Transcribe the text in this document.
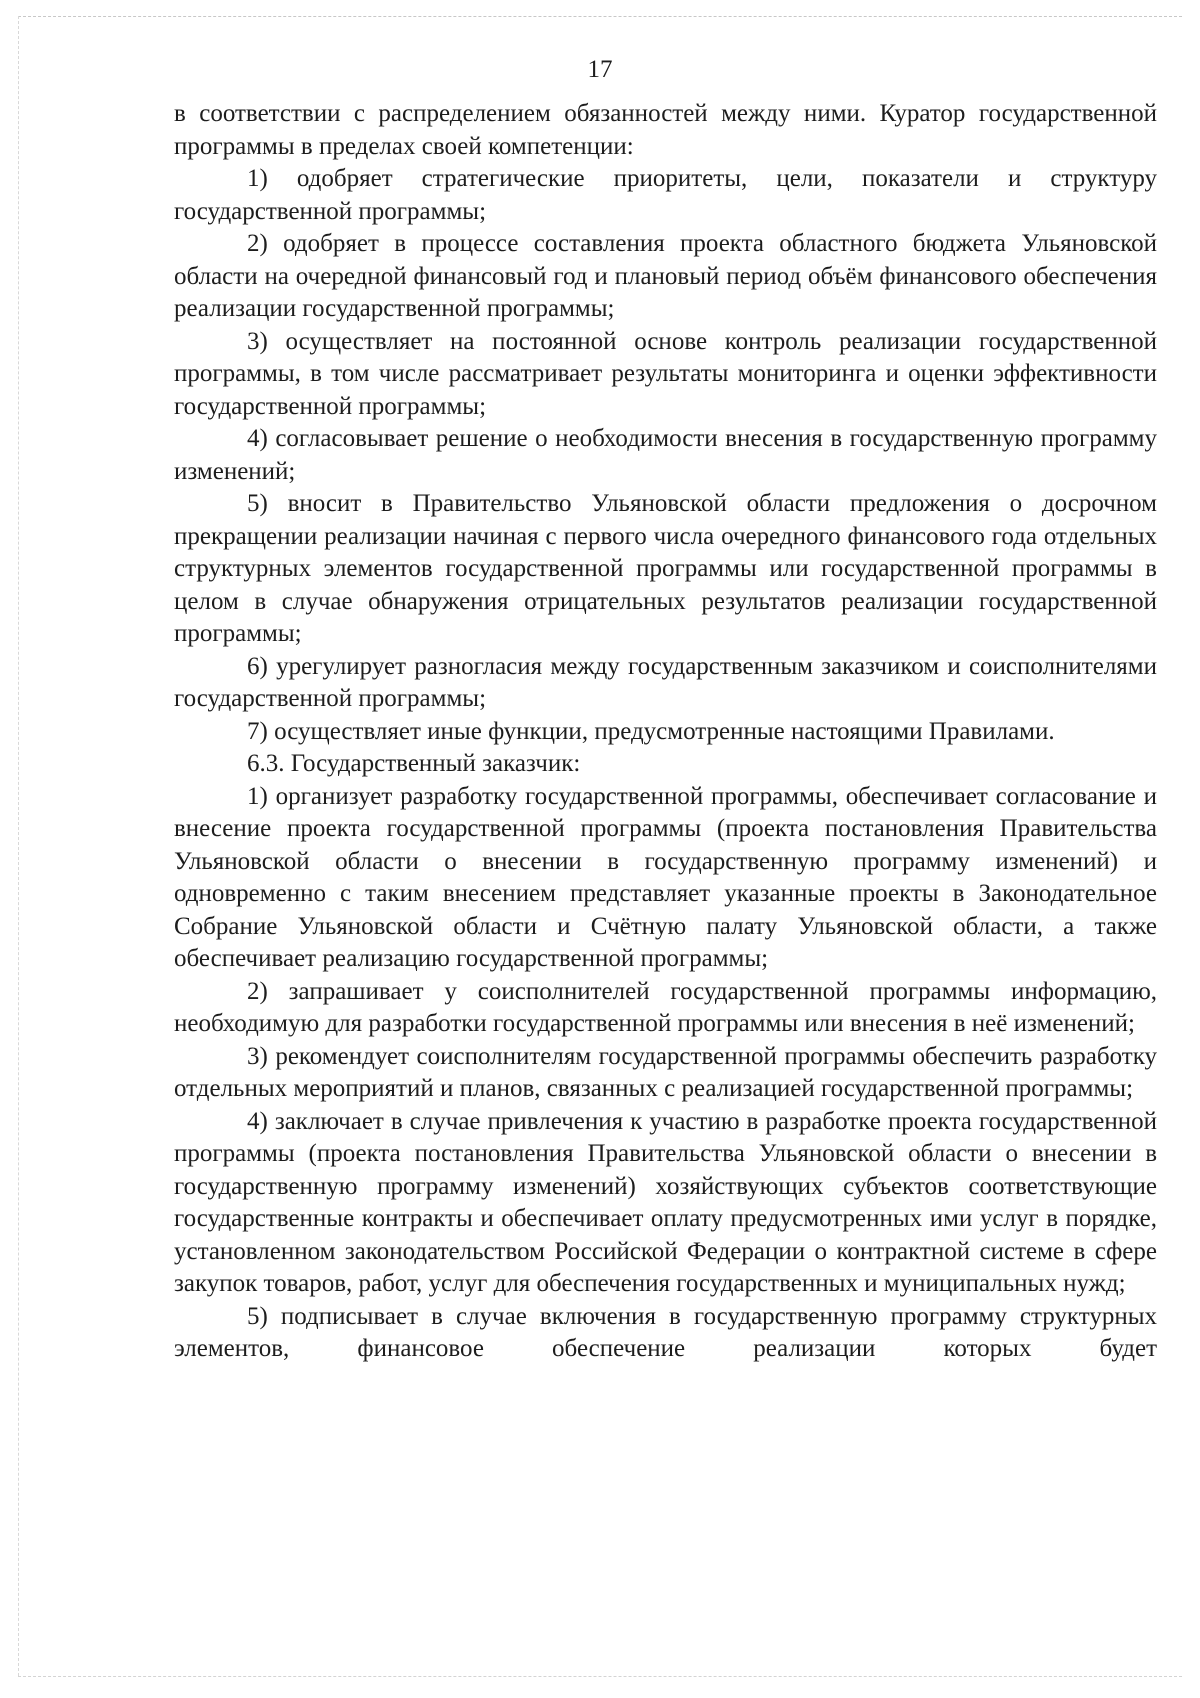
17

в соответствии с распределением обязанностей между ними. Куратор государственной программы в пределах своей компетенции:

1) одобряет стратегические приоритеты, цели, показатели и структуру государственной программы;

2) одобряет в процессе составления проекта областного бюджета Ульяновской области на очередной финансовый год и плановый период объём финансового обеспечения реализации государственной программы;

3) осуществляет на постоянной основе контроль реализации государственной программы, в том числе рассматривает результаты мониторинга и оценки эффективности государственной программы;

4) согласовывает решение о необходимости внесения в государственную программу изменений;

5) вносит в Правительство Ульяновской области предложения о досрочном прекращении реализации начиная с первого числа очередного финансового года отдельных структурных элементов государственной программы или государственной программы в целом в случае обнаружения отрицательных результатов реализации государственной программы;

6) урегулирует разногласия между государственным заказчиком и соисполнителями государственной программы;

7) осуществляет иные функции, предусмотренные настоящими Правилами.

6.3. Государственный заказчик:

1) организует разработку государственной программы, обеспечивает согласование и внесение проекта государственной программы (проекта постановления Правительства Ульяновской области о внесении в государственную программу изменений) и одновременно с таким внесением представляет указанные проекты в Законодательное Собрание Ульяновской области и Счётную палату Ульяновской области, а также обеспечивает реализацию государственной программы;

2) запрашивает у соисполнителей государственной программы информацию, необходимую для разработки государственной программы или внесения в неё изменений;

3) рекомендует соисполнителям государственной программы обеспечить разработку отдельных мероприятий и планов, связанных с реализацией государственной программы;

4) заключает в случае привлечения к участию в разработке проекта государственной программы (проекта постановления Правительства Ульяновской области о внесении в государственную программу изменений) хозяйствующих субъектов соответствующие государственные контракты и обеспечивает оплату предусмотренных ими услуг в порядке, установленном законодательством Российской Федерации о контрактной системе в сфере закупок товаров, работ, услуг для обеспечения государственных и муниципальных нужд;

5) подписывает в случае включения в государственную программу структурных элементов, финансовое обеспечение реализации которых будет
